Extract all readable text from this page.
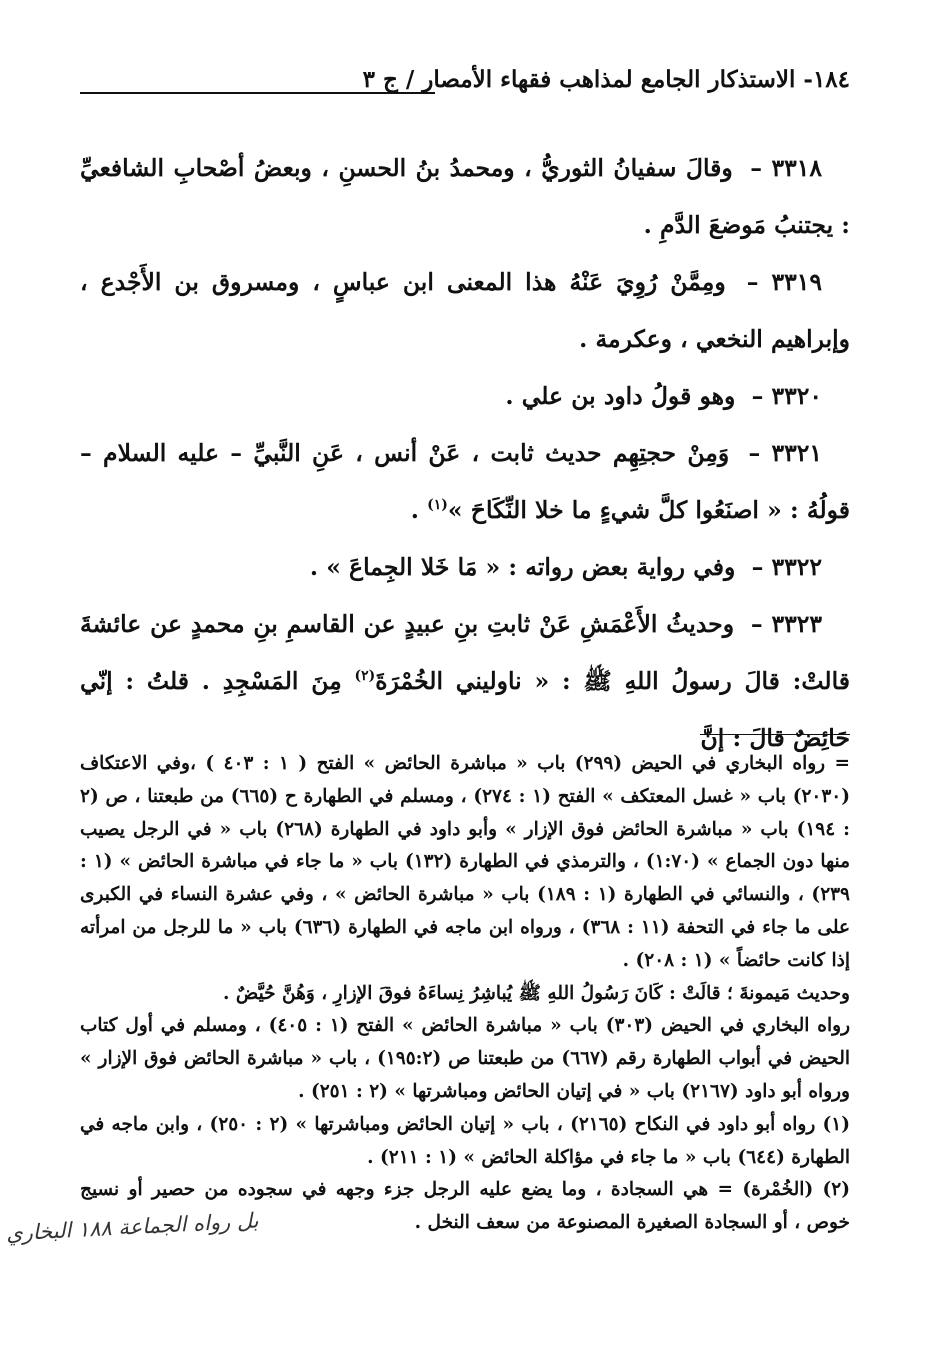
١٨٤- الاستذكار الجامع لمذاهب فقهاء الأمصار / ج ٣

٣٣١٨ – وقالَ سفيانُ الثوريُّ ، ومحمدُ بنُ الحسنِ ، وبعضُ أصْحابِ الشافعيِّ : يجتنبُ مَوضعَ الدَّمِ .

٣٣١٩ – ومِمَّنْ رُوِيَ عَنْهُ هذا المعنى ابن عباسٍ ، ومسروق بن الأَجْدع ، وإبراهيم النخعي ، وعكرمة .

٣٣٢٠ – وهو قولُ داود بن علي .

٣٣٢١ – وَمِنْ حجتِهِم حديث ثابت ، عَنْ أنس ، عَنِ النَّبيِّ – عليه السلام – قولُهُ : « اصنَعُوا كلَّ شيءٍ ما خلا النِّكَاحَ »$^{(١)}$ .

٣٣٢٢ – وفي رواية بعض رواته : « مَا خَلا الجِماعَ » .

٣٣٢٣ – وحديثُ الأَعْمَشِ عَنْ ثابتِ بنِ عبيدٍ عن القاسمِ بنِ محمدٍ عن عائشةَ قالتْ: قالَ رسولُ اللهِ ﷺ : « ناوليني الخُمْرَةَ$^{(٢)}$ مِنَ المَسْجِدِ . قلتُ : إنّي حَائِضٌ قالَ : إنَّ

= رواه البخاري في الحيض (٢٩٩) باب « مباشرة الحائض » الفتح ( ١ : ٤٠٣ ) ،وفي الاعتكاف (٢٠٣٠) باب « غسل المعتكف » الفتح (١ : ٢٧٤) ، ومسلم في الطهارة ح (٦٦٥) من طبعتنا ، ص (٢ : ١٩٤) باب « مباشرة الحائض فوق الإزار » وأبو داود في الطهارة (٢٦٨) باب « في الرجل يصيب منها دون الجماع » (١:٧٠) ، والترمذي في الطهارة (١٣٢) باب « ما جاء في مباشرة الحائض » (١ : ٢٣٩) ، والنسائي في الطهارة (١ : ١٨٩) باب « مباشرة الحائض » ، وفي عشرة النساء في الكبرى على ما جاء في التحفة (١١ : ٣٦٨) ، ورواه ابن ماجه في الطهارة (٦٣٦) باب « ما للرجل من امرأته إذا كانت حائضاً » (١ : ٢٠٨) .

وحديث مَيمونةَ ؛ قالَتْ : كَانَ رَسُولُ اللهِ ﷺ يُباشِرُ نِساءَهُ فوقَ الإزارِ ، وَهُنَّ حُيَّضٌ .

رواه البخاري في الحيض (٣٠٣) باب « مباشرة الحائض » الفتح (١ : ٤٠٥) ، ومسلم في أول كتاب الحيض في أبواب الطهارة رقم (٦٦٧) من طبعتنا ص (١٩٥:٢) ، باب « مباشرة الحائض فوق الإزار » ورواه أبو داود (٢١٦٧) باب « في إتيان الحائض ومباشرتها » (٢ : ٢٥١) .

(١) رواه أبو داود في النكاح (٢١٦٥) ، باب « إتيان الحائض ومباشرتها » (٢ : ٢٥٠) ، وابن ماجه في الطهارة (٦٤٤) باب « ما جاء في مؤاكلة الحائض » (١ : ٢١١) .

(٢) (الخُمْرة) = هي السجادة ، وما يضع عليه الرجل جزء وجهه في سجوده من حصير أو نسيج خوص ، أو السجادة الصغيرة المصنوعة من سعف النخل .

بل رواه الجماعة ١٨٨ البخاري
